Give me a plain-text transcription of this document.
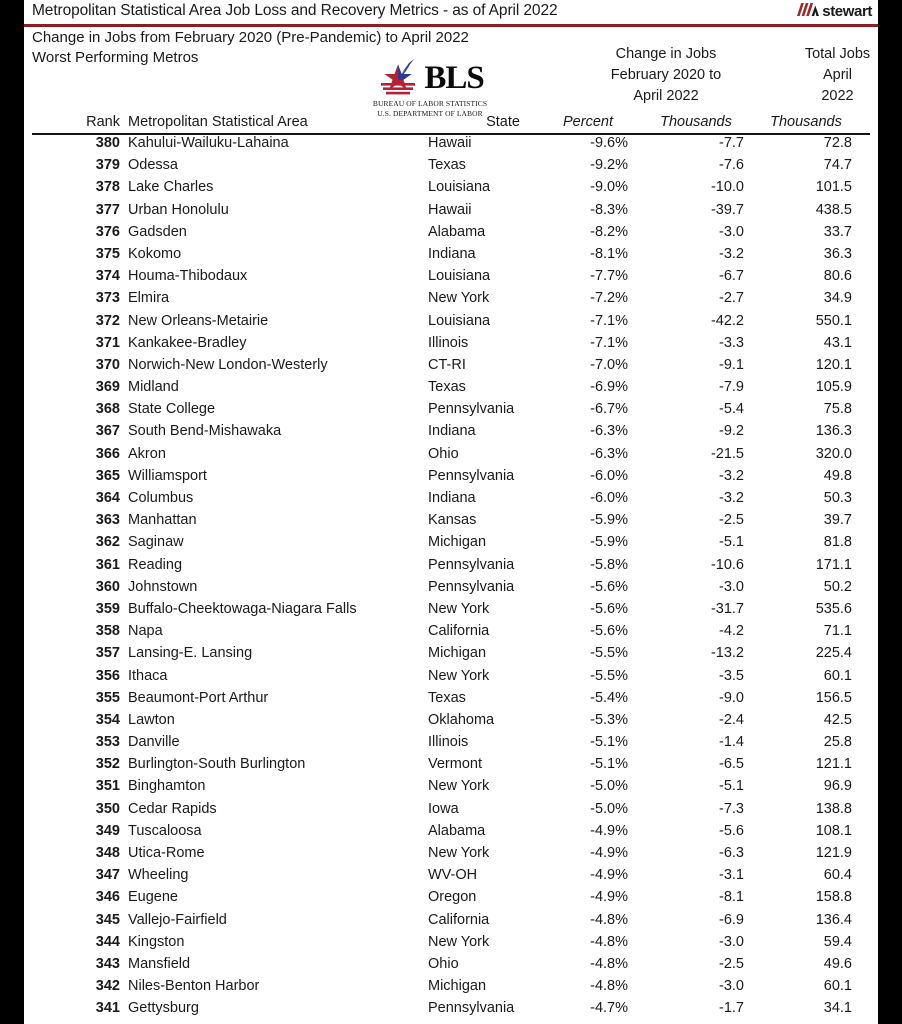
Metropolitan Statistical Area Job Loss and Recovery Metrics - as of April 2022	stewart
Change in Jobs from February 2020 (Pre-Pandemic) to April 2022
Worst Performing Metros
BLS
BUREAU OF LABOR STATISTICS
U.S. DEPARTMENT OF LABOR
Change in Jobs
February 2020 to
April 2022
Total Jobs
April
2022
Rank Metropolitan Statistical Area	State	Percent	Thousands	Thousands
380 Kahului-Wailuku-Lahaina	Hawaii	-9.6%	-7.7	72.8
379 Odessa	Texas	-9.2%	-7.6	74.7
378 Lake Charles	Louisiana	-9.0%	-10.0	101.5
377 Urban Honolulu	Hawaii	-8.3%	-39.7	438.5
376 Gadsden	Alabama	-8.2%	-3.0	33.7
375 Kokomo	Indiana	-8.1%	-3.2	36.3
374 Houma-Thibodaux	Louisiana	-7.7%	-6.7	80.6
373 Elmira	New York	-7.2%	-2.7	34.9
372 New Orleans-Metairie	Louisiana	-7.1%	-42.2	550.1
371 Kankakee-Bradley	Illinois	-7.1%	-3.3	43.1
370 Norwich-New London-Westerly	CT-RI	-7.0%	-9.1	120.1
369 Midland	Texas	-6.9%	-7.9	105.9
368 State College	Pennsylvania	-6.7%	-5.4	75.8
367 South Bend-Mishawaka	Indiana	-6.3%	-9.2	136.3
366 Akron	Ohio	-6.3%	-21.5	320.0
365 Williamsport	Pennsylvania	-6.0%	-3.2	49.8
364 Columbus	Indiana	-6.0%	-3.2	50.3
363 Manhattan	Kansas	-5.9%	-2.5	39.7
362 Saginaw	Michigan	-5.9%	-5.1	81.8
361 Reading	Pennsylvania	-5.8%	-10.6	171.1
360 Johnstown	Pennsylvania	-5.6%	-3.0	50.2
359 Buffalo-Cheektowaga-Niagara Falls	New York	-5.6%	-31.7	535.6
358 Napa	California	-5.6%	-4.2	71.1
357 Lansing-E. Lansing	Michigan	-5.5%	-13.2	225.4
356 Ithaca	New York	-5.5%	-3.5	60.1
355 Beaumont-Port Arthur	Texas	-5.4%	-9.0	156.5
354 Lawton	Oklahoma	-5.3%	-2.4	42.5
353 Danville	Illinois	-5.1%	-1.4	25.8
352 Burlington-South Burlington	Vermont	-5.1%	-6.5	121.1
351 Binghamton	New York	-5.0%	-5.1	96.9
350 Cedar Rapids	Iowa	-5.0%	-7.3	138.8
349 Tuscaloosa	Alabama	-4.9%	-5.6	108.1
348 Utica-Rome	New York	-4.9%	-6.3	121.9
347 Wheeling	WV-OH	-4.9%	-3.1	60.4
346 Eugene	Oregon	-4.9%	-8.1	158.8
345 Vallejo-Fairfield	California	-4.8%	-6.9	136.4
344 Kingston	New York	-4.8%	-3.0	59.4
343 Mansfield	Ohio	-4.8%	-2.5	49.6
342 Niles-Benton Harbor	Michigan	-4.8%	-3.0	60.1
341 Gettysburg	Pennsylvania	-4.7%	-1.7	34.1
